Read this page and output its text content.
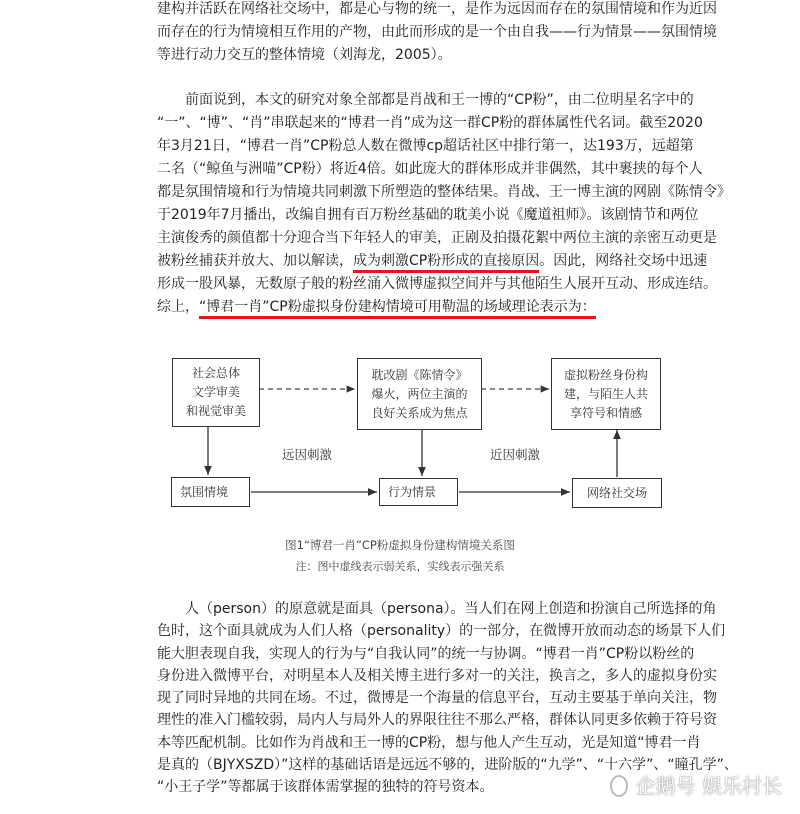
建构并活跃在网络社交场中，都是心与物的统一，是作为远因而存在的氛围情境和作为近因
而存在的行为情境相互作用的产物，由此而形成的是一个由自我——行为情景——氛围情境
等进行动力交互的整体情境（刘海龙，2005）。
　　前面说到，本文的研究对象全部都是肖战和王一博的“CP粉”，由二位明星名字中的
“一”、“博”、“肖”串联起来的“博君一肖”成为这一群CP粉的群体属性代名词。截至2020
年3月21日，“博君一肖”CP粉总人数在微博cp超话社区中排行第一，达193万，远超第
二名（“鲸鱼与洲喵”CP粉）将近4倍。如此庞大的群体形成并非偶然，其中裹挟的每个人
都是氛围情境和行为情境共同刺激下所塑造的整体结果。肖战、王一博主演的网剧《陈情令》
于2019年7月播出，改编自拥有百万粉丝基础的耽美小说《魔道祖师》。该剧情节和两位
主演俊秀的颜值都十分迎合当下年轻人的审美，正剧及拍摄花絮中两位主演的亲密互动更是
被粉丝捕获并放大、加以解读，成为刺激CP粉形成的直接原因。因此，网络社交场中迅速
形成一股风暴，无数原子般的粉丝涌入微博虚拟空间并与其他陌生人展开互动、形成连结。
综上，“博君一肖”CP粉虚拟身份建构情境可用勒温的场域理论表示为：
社会总体
文学审美
和视觉审美
耽改剧《陈情令》
爆火，两位主演的
良好关系成为焦点
虚拟粉丝身份构
建，与陌生人共
享符号和情感
氛围情境	行为情景	网络社交场
远因刺激	近因刺激
图1“博君一肖”CP粉虚拟身份建构情境关系图
注：图中虚线表示弱关系，实线表示强关系
　　人（person）的原意就是面具（persona）。当人们在网上创造和扮演自己所选择的角
色时，这个面具就成为人们人格（personality）的一部分，在微博开放而动态的场景下人们
能大胆表现自我，实现人的行为与“自我认同”的统一与协调。“博君一肖”CP粉以粉丝的
身份进入微博平台，对明星本人及相关博主进行多对一的关注，换言之，多人的虚拟身份实
现了同时异地的共同在场。不过，微博是一个海量的信息平台，互动主要基于单向关注，物
理性的准入门槛较弱，局内人与局外人的界限往往不那么严格，群体认同更多依赖于符号资
本等匹配机制。比如作为肖战和王一博的CP粉，想与他人产生互动，光是知道“博君一肖
是真的（BJYXSZD）”这样的基础话语是远远不够的，进阶版的“九学”、“十六学”、“瞳孔学”、
“小王子学”等都属于该群体需掌握的独特的符号资本。	企鹅号 娱乐村长
